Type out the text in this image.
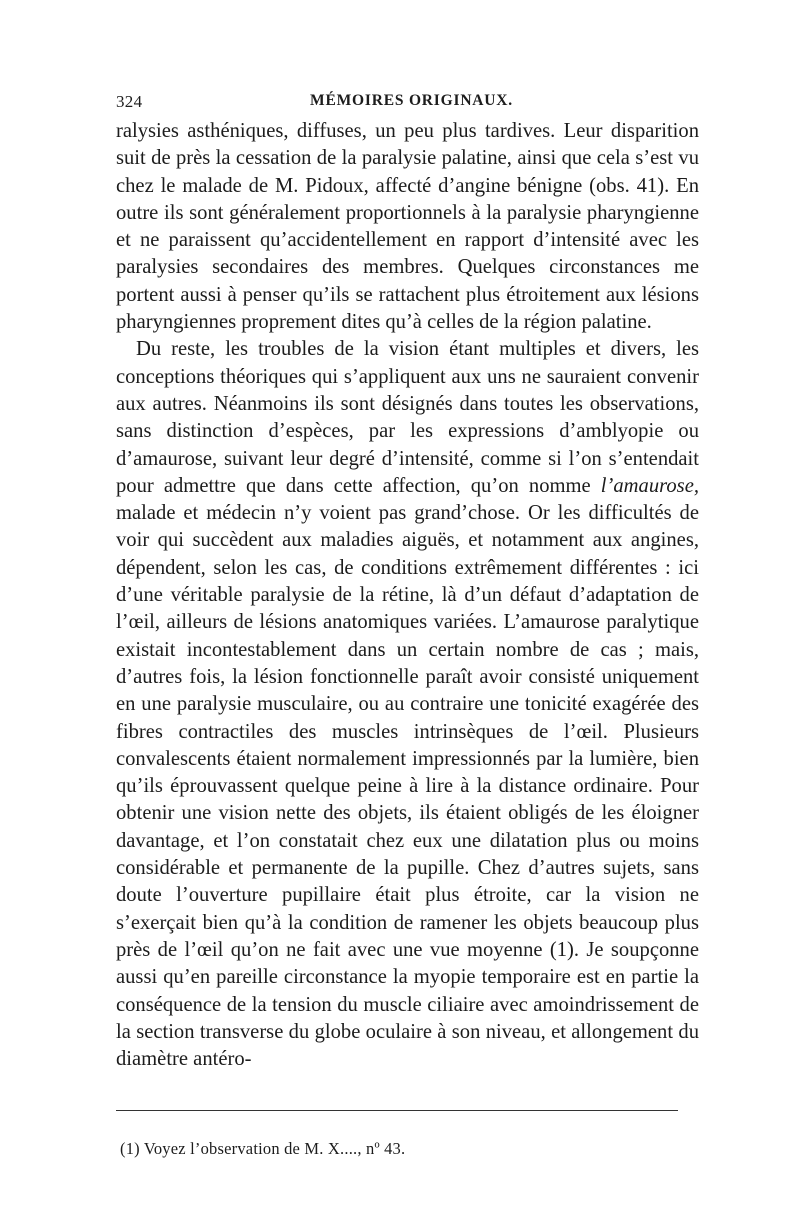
324	MÉMOIRES ORIGINAUX.

ralysies asthéniques, diffuses, un peu plus tardives. Leur disparition suit de près la cessation de la paralysie palatine, ainsi que cela s’est vu chez le malade de M. Pidoux, affecté d’angine bénigne (obs. 41). En outre ils sont généralement proportionnels à la paralysie pharyngienne et ne paraissent qu’accidentellement en rapport d’intensité avec les paralysies secondaires des membres. Quelques circonstances me portent aussi à penser qu’ils se rattachent plus étroitement aux lésions pharyngiennes proprement dites qu’à celles de la région palatine.

Du reste, les troubles de la vision étant multiples et divers, les conceptions théoriques qui s’appliquent aux uns ne sauraient convenir aux autres. Néanmoins ils sont désignés dans toutes les observations, sans distinction d’espèces, par les expressions d’amblyopie ou d’amaurose, suivant leur degré d’intensité, comme si l’on s’entendait pour admettre que dans cette affection, qu’on nomme l’amaurose, malade et médecin n’y voient pas grand’chose. Or les difficultés de voir qui succèdent aux maladies aiguës, et notamment aux angines, dépendent, selon les cas, de conditions extrêmement différentes : ici d’une véritable paralysie de la rétine, là d’un défaut d’adaptation de l’œil, ailleurs de lésions anatomiques variées. L’amaurose paralytique existait incontestablement dans un certain nombre de cas ; mais, d’autres fois, la lésion fonctionnelle paraît avoir consisté uniquement en une paralysie musculaire, ou au contraire une tonicité exagérée des fibres contractiles des muscles intrinsèques de l’œil. Plusieurs convalescents étaient normalement impressionnés par la lumière, bien qu’ils éprouvassent quelque peine à lire à la distance ordinaire. Pour obtenir une vision nette des objets, ils étaient obligés de les éloigner davantage, et l’on constatait chez eux une dilatation plus ou moins considérable et permanente de la pupille. Chez d’autres sujets, sans doute l’ouverture pupillaire était plus étroite, car la vision ne s’exerçait bien qu’à la condition de ramener les objets beaucoup plus près de l’œil qu’on ne fait avec une vue moyenne (1). Je soupçonne aussi qu’en pareille circonstance la myopie temporaire est en partie la conséquence de la tension du muscle ciliaire avec amoindrissement de la section transverse du globe oculaire à son niveau, et allongement du diamètre antéro-

(1) Voyez l’observation de M. X...., nº 43.
